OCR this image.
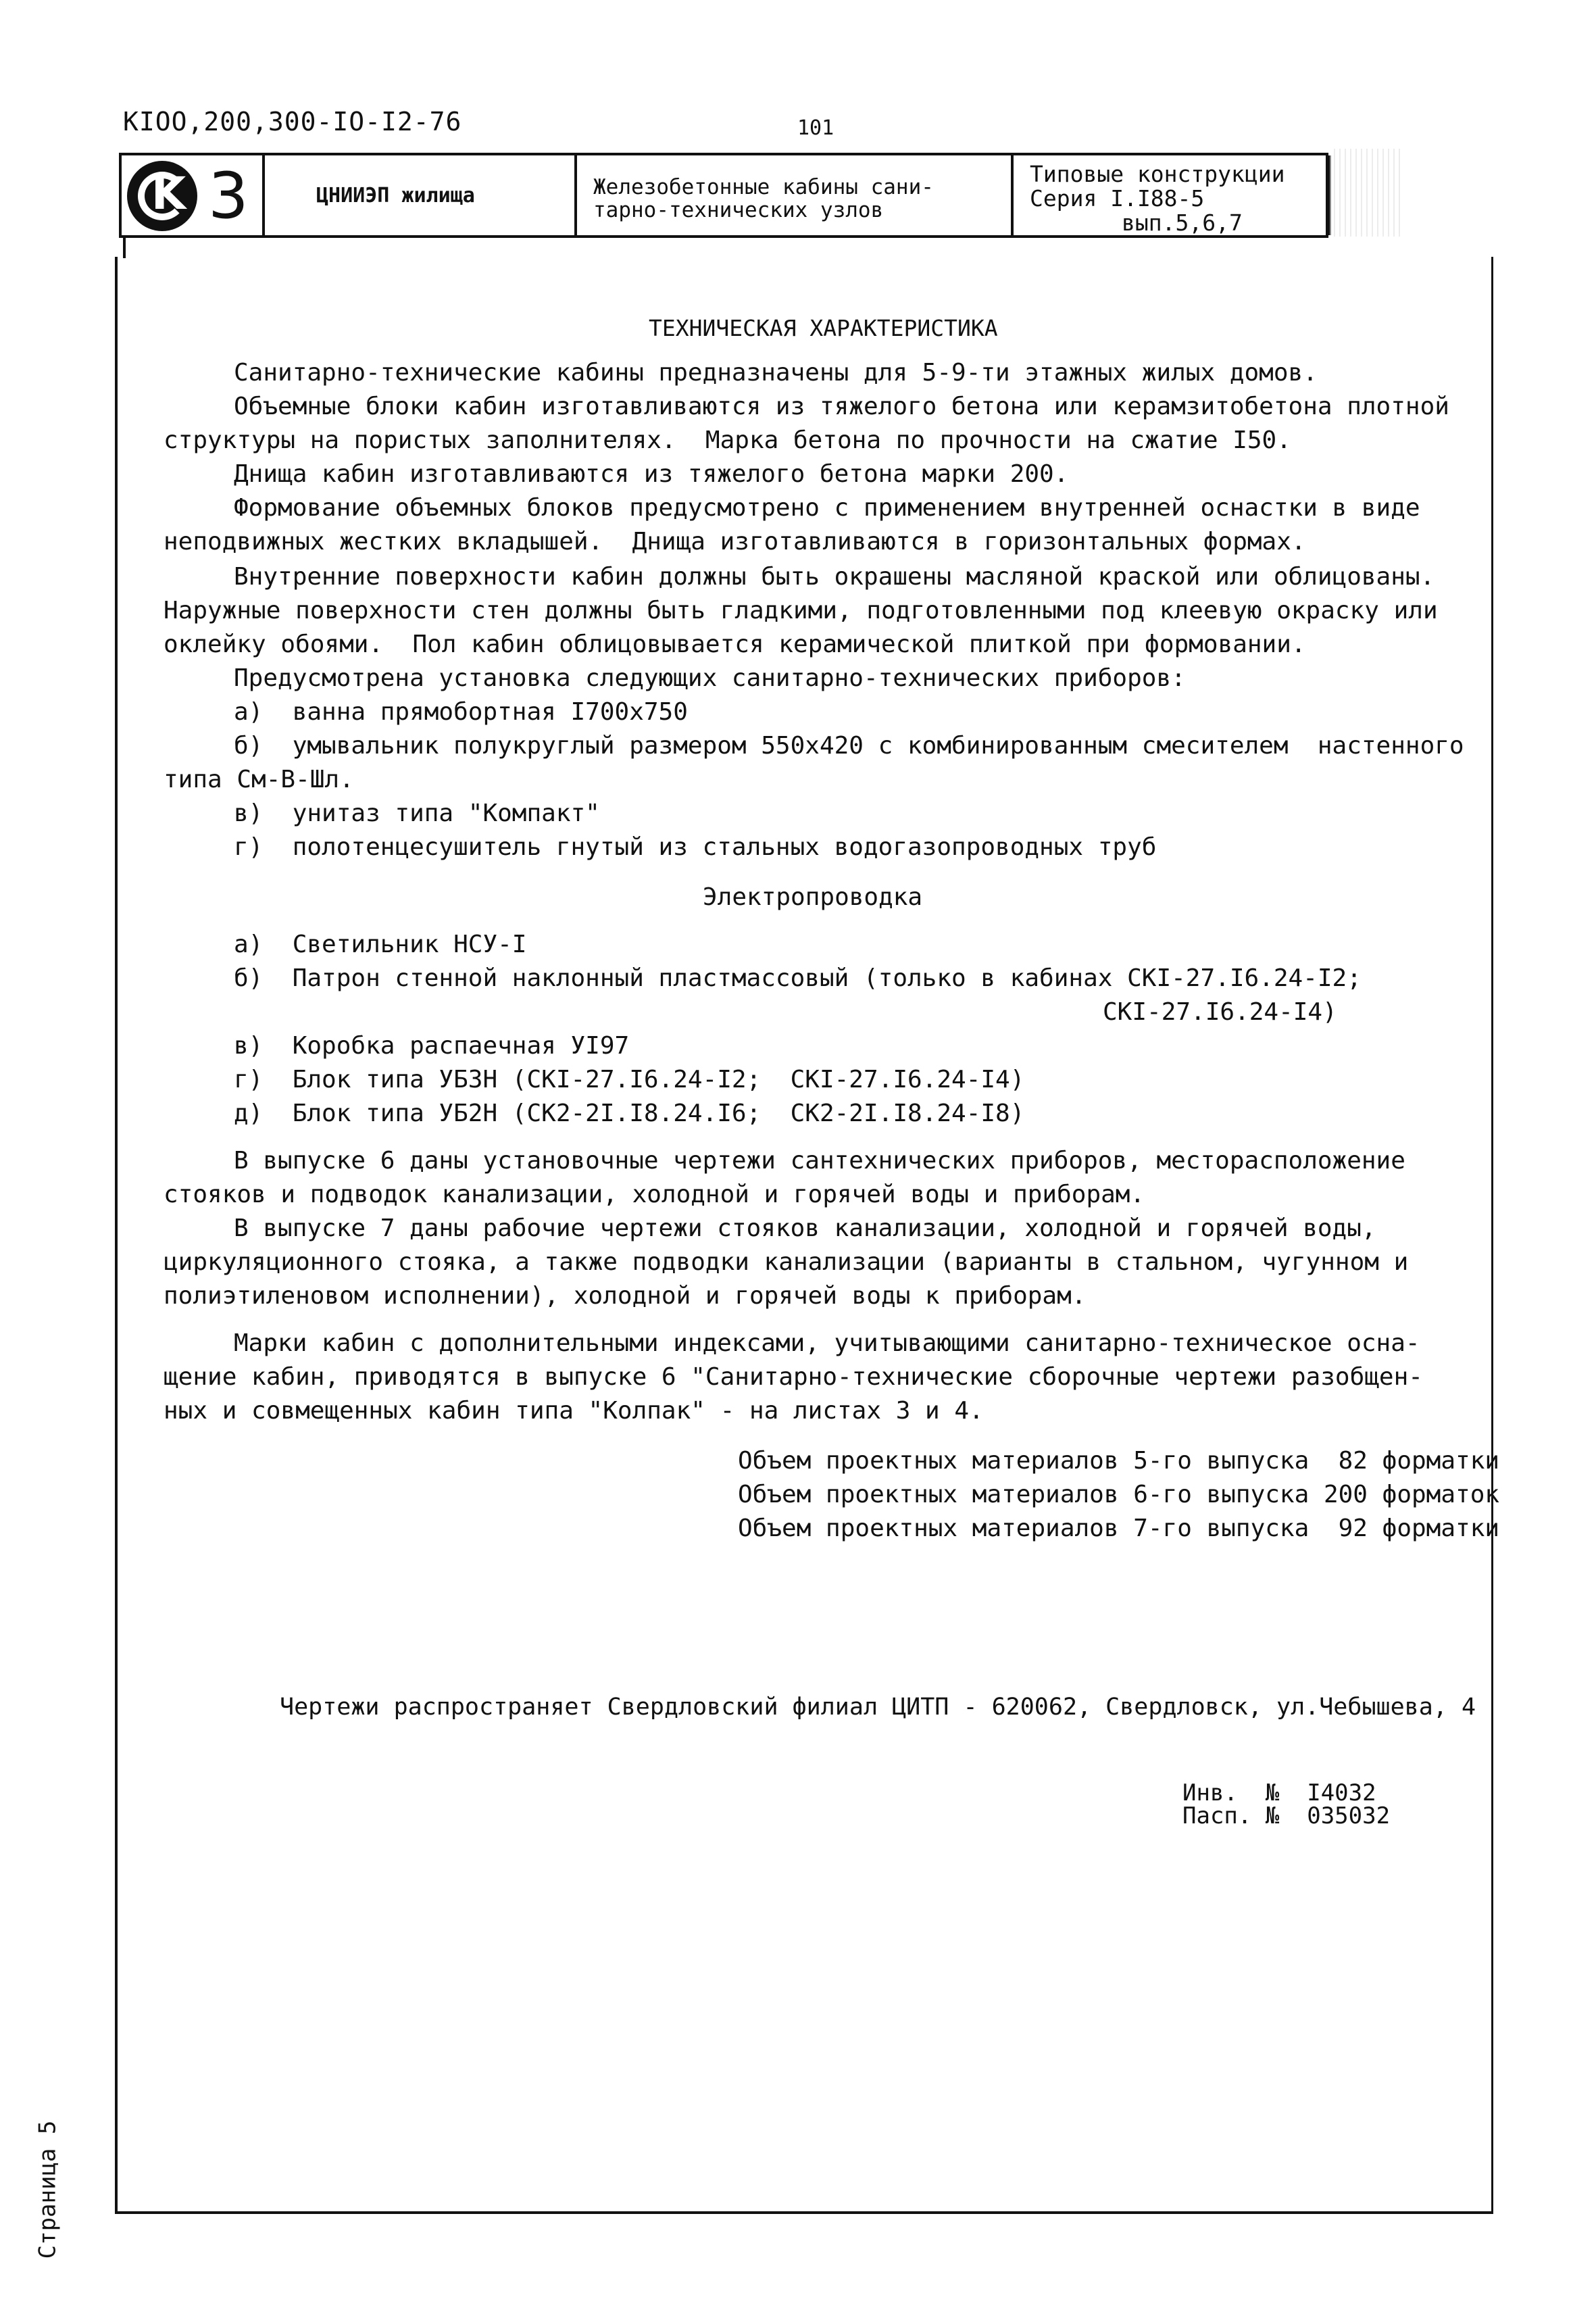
KIOO,200,300-IO-I2-76	101
K 3	ЦНИИЭП жилища	Железобетонные кабины сани-
тарно-технических узлов
Типовые конструкции
Серия I.I88-5
вып.5,6,7
ТЕХНИЧЕСКАЯ ХАРАКТЕРИСТИКА
Санитарно-технические кабины предназначены для 5-9-ти этажных жилых домов.
Объемные блоки кабин изготавливаются из тяжелого бетона или керамзитобетона плотной
структуры на пористых заполнителях.  Марка бетона по прочности на сжатие I50.
Днища кабин изготавливаются из тяжелого бетона марки 200.
Формование объемных блоков предусмотрено с применением внутренней оснастки в виде
неподвижных жестких вкладышей.  Днища изготавливаются в горизонтальных формах.
Внутренние поверхности кабин должны быть окрашены масляной краской или облицованы.
Наружные поверхности стен должны быть гладкими, подготовленными под клеевую окраску или
оклейку обоями.  Пол кабин облицовывается керамической плиткой при формовании.
Предусмотрена установка следующих санитарно-технических приборов:
а)  ванна прямобортная I700x750
б)  умывальник полукруглый размером 550x420 с комбинированным смесителем  настенного
типа См-В-Шл.
в)  унитаз типа "Компакт"
г)  полотенцесушитель гнутый из стальных водогазопроводных труб
Электропроводка
а)  Светильник НСУ-I
б)  Патрон стенной наклонный пластмассовый (только в кабинах СКI-27.I6.24-I2;
СКI-27.I6.24-I4)
в)  Коробка распаечная УI97
г)  Блок типа УБЗН (СКI-27.I6.24-I2;  СКI-27.I6.24-I4)
д)  Блок типа УБ2Н (СК2-2I.I8.24.I6;  СК2-2I.I8.24-I8)
В выпуске 6 даны установочные чертежи сантехнических приборов, месторасположение
стояков и подводок канализации, холодной и горячей воды и приборам.
В выпуске 7 даны рабочие чертежи стояков канализации, холодной и горячей воды,
циркуляционного стояка, а также подводки канализации (варианты в стальном, чугунном и
полиэтиленовом исполнении), холодной и горячей воды к приборам.
Марки кабин с дополнительными индексами, учитывающими санитарно-техническое осна-
щение кабин, приводятся в выпуске 6 "Санитарно-технические сборочные чертежи разобщен-
ных и совмещенных кабин типа "Колпак" - на листах 3 и 4.
Объем проектных материалов 5-го выпуска  82 форматки
Объем проектных материалов 6-го выпуска 200 форматок
Объем проектных материалов 7-го выпуска  92 форматки
Чертежи распространяет Свердловский филиал ЦИТП - 620062, Свердловск, ул.Чебышева, 4
Инв.  №  I4032
Пасп. №  035032
Страница 5
